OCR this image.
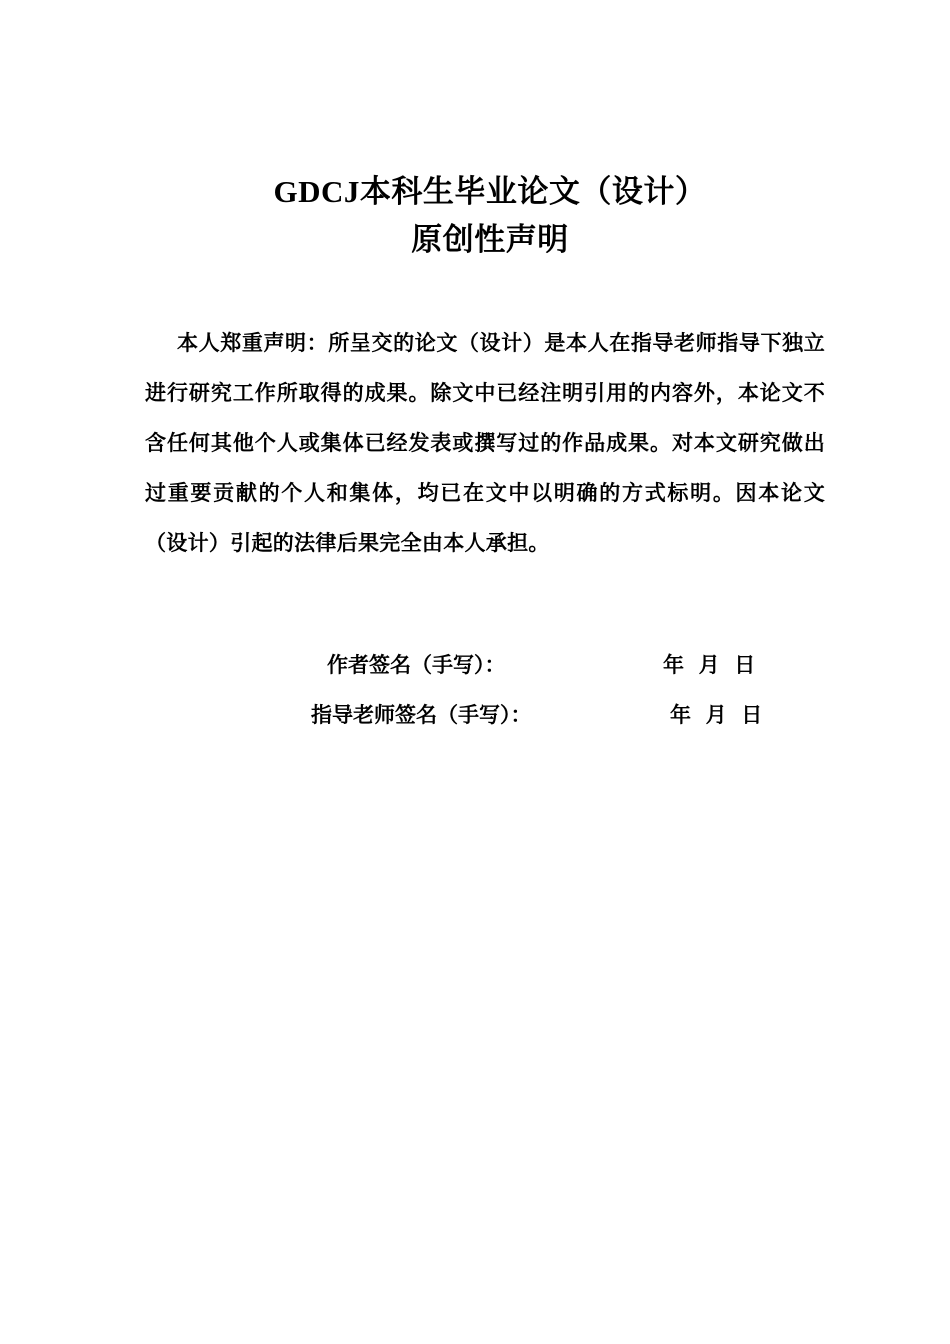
GDCJ本科生毕业论文（设计）
原创性声明

本人郑重声明：所呈交的论文（设计）是本人在指导老师指导下独立进行研究工作所取得的成果。除文中已经注明引用的内容外，本论文不含任何其他个人或集体已经发表或撰写过的作品成果。对本文研究做出过重要贡献的个人和集体，均已在文中以明确的方式标明。因本论文（设计）引起的法律后果完全由本人承担。

作者签名（手写）：	年  月  日
指导老师签名（手写）：	年  月  日
